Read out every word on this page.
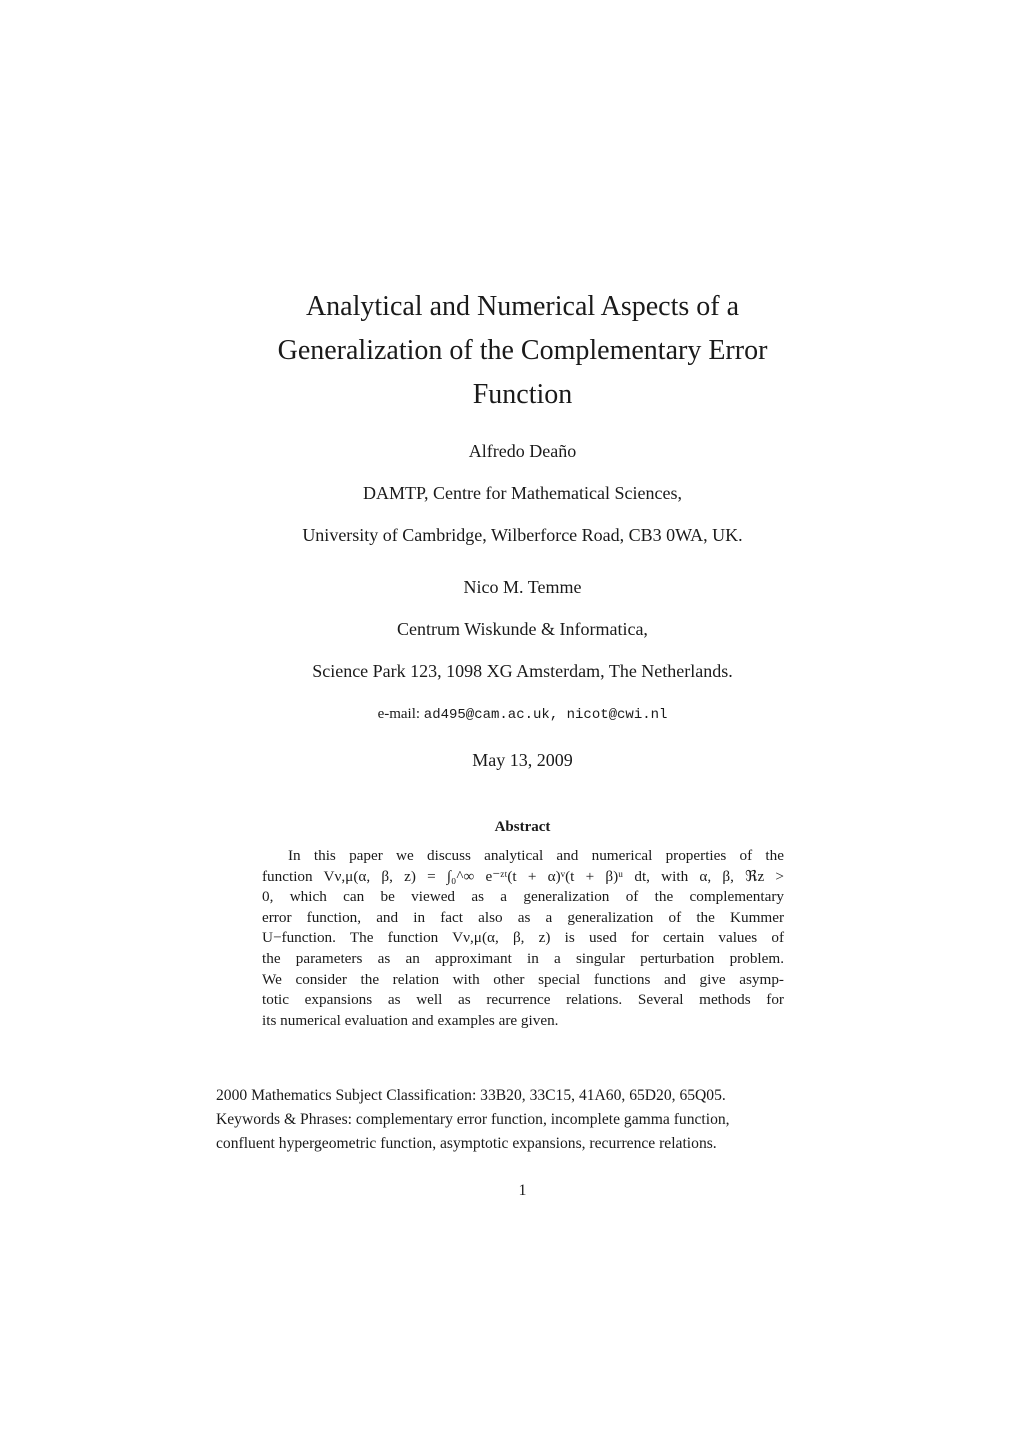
Analytical and Numerical Aspects of a
Generalization of the Complementary Error
Function
Alfredo Deaño
DAMTP, Centre for Mathematical Sciences,
University of Cambridge, Wilberforce Road, CB3 0WA, UK.
Nico M. Temme
Centrum Wiskunde & Informatica,
Science Park 123, 1098 XG Amsterdam, The Netherlands.
e-mail: ad495@cam.ac.uk, nicot@cwi.nl
May 13, 2009
Abstract
In this paper we discuss analytical and numerical properties of the
function Vν,μ(α, β, z) = ∫₀^∞ e⁻ᶻᵗ(t + α)ᵛ(t + β)ᵘ dt, with α, β, ℜz >
0, which can be viewed as a generalization of the complementary
error function, and in fact also as a generalization of the Kummer
U−function. The function Vν,μ(α, β, z) is used for certain values of
the parameters as an approximant in a singular perturbation problem.
We consider the relation with other special functions and give asymp-
totic expansions as well as recurrence relations. Several methods for
its numerical evaluation and examples are given.
2000 Mathematics Subject Classification: 33B20, 33C15, 41A60, 65D20, 65Q05.
Keywords & Phrases: complementary error function, incomplete gamma function,
confluent hypergeometric function, asymptotic expansions, recurrence relations.
1
